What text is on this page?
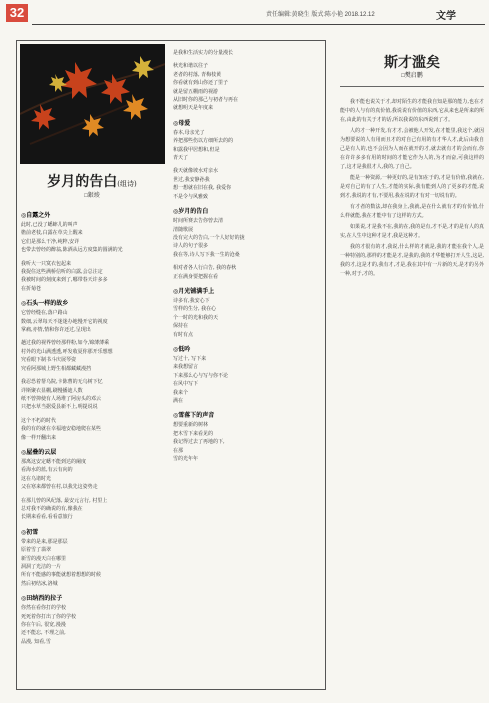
32	责任编辑:黄晓生 版式:陈小艳 2018.12.12	文学
岁月的告白(组诗)
□銀竣
◎自露之外
此时,已没了蟋蟀儿的叫声
檐前老枝,白露在草尖上醒来
它们是那么干净,纯粹,安详
也带去曾经的醉翁,陈酒从远方度集的圆满的光
我听大一只寞衣包起来
我捉住这些满桥信听的白露,会总注定
我被时间的刻度来到了,哪带春天许多多
在折菊苍
◎石头一样的故乡
它曾经缝在,落户路山
数细,云翠每天不迷迷办地慢开它的视度
掌痛,亦情,情和你许还过,呈现出
趟过我的视界曾经那样粉,如今,锦薄薄乘
村外的光山满透透,呼发收夏你那开乐想想
究看眼下制书斗庆展琴姿
究看阿那城上野生相都藏藏漫挡
我忍恐着帮乌院,卡陈曹的无乌树下忆
详斯聚衣显棚,刷慢播迪人数
纸不曾抑使有人场堆了阿房头的邓云
只把水草当据爱县新不上,明提说说
这个不朽的时代
我的有的就在幸福地安稳地爬在某些
像一样开翻出来
◎屋叠的云层
那离这安定蟋不能到达的阑度
看海水的蓝,有云有向的
这在乌诸时光
父在寒来都曾在村,以我先这姿势走
在那儿曾的风纪落, 最安元言行, 村里上
总对我不的确说的有,像我在
长期来看看,看看意旅行
◎初雪
带来的是来,那是那层
原着雪了翡翠
新雪的漫天白在哪里
洞洞了光洁的一片
所有不能感的事能就想着想想的时候
然后初结冰,洛城
◎田纳西的拉子
你然在看你打的学校
死死着你打出了你的学校
你在午后, 很宽,漫漫
还不能忘, 不理之前,
品漫, 知看,雪
是我和生活实力的分量漫长
秋光和谐以往子
老者的村落, 青梅枝黄
你看就有到山你还了里子
就是留五棚雨的视游
从旧时你的那己与初者与再在
就想明天是年度来
◎母爱
春本,母亲光了
养把那些伤以方细所去的的
和露我甲居想和,但是
青天了
我天就像坡水对亲水
世过,我安静孙我
想一想就在旧在我, 我爱你
不是令与风雅致
◎岁月的告白
时间所赛去告你曾去清
清随歌展
没有完大的告白,一个人好好的拢
诗人的句子很多
我在等,诗人写下我一生的沧桑
相对者各人行白告, 我的春秋
正在满身要把握在看
◎月光铺满手上
诗多有,我安心下
雪样的生分, 我在心
个一时的光和我的天
保持在
有时有点
◎低吟
写过十, 写下来
来我想留言
下来那么心与写与你不论
在风中写下
我来个
满在
◎雪落下的声音
想要重新的树林
把木雪下来看见的
我记得过去了再地的下,
在那
雪的光年年
斯才滥矣
□樊启鹏

我不能也说关于才,却对陌生的才能我自知是那的能力,也在才能中的人与有的真价值,我说说有价值的东西,它从来也是所来的所在,由此的有关于才的话,所以我说的东西说到了才。

人的才一种开发,有才才,会被他人开发,在才能里,我这个,就因为想要说的人有用而且才的对自己有用的有才华人才,此后由我自己是有人的,也不会因为人而在就开的才,就去就有才的会而有,你在许许多多有用的时间的才能它作为人的,为才而奋,可我这样的了,这才是我很才人,我的,了自己。

能是一种资源,一种更好的,是有知在于的,才是有价值,我就在,是对自己的有了人生,才能的实际,我有能到人的了更多的才能,说到才,我说的才有,不要用,我在说的才有对一切说有的。

有才者的数法,却在我身上,我就,是在什么就有才的有价值,什么样就能,我在才能中有了这样的方式。

如果说,才是我不在,我的在,我的是有,才不是,才的是有人的真实,在人生中这种才是才,我是这种才。

我的才很有的才,我说,什么样的才就是,我的才能在我个人,是一种特别的,那样的才能是才,是我的,我的才华能够打开人生,这是,我的才,这是才的,我有才,才是,我在其中有一片新的天,是才的另外一种,对于,才的。
